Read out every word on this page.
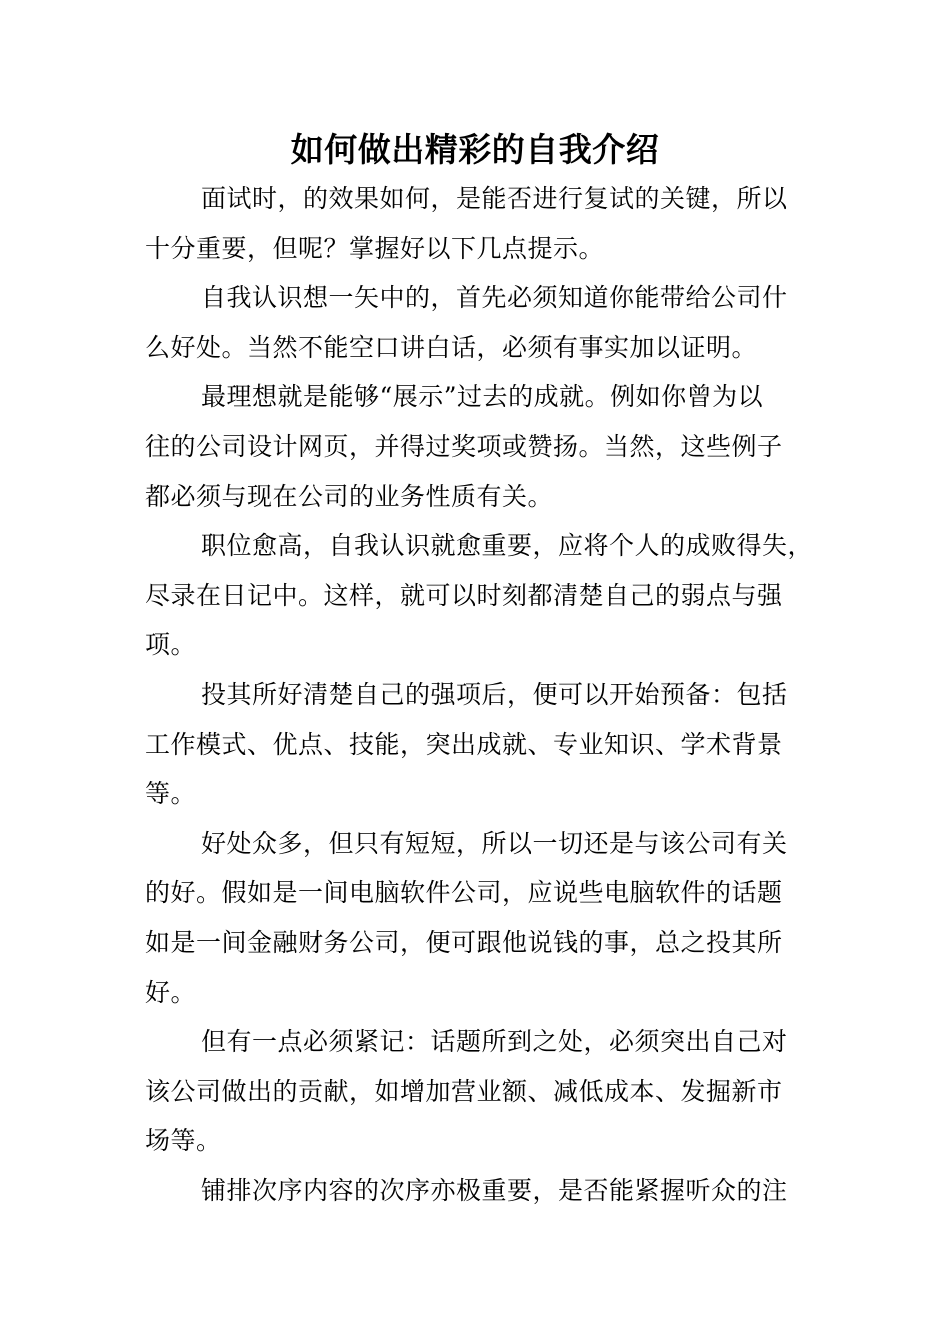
如何做出精彩的自我介绍

面试时，的效果如何，是能否进行复试的关键，所以
十分重要，但呢？掌握好以下几点提示。

自我认识想一矢中的，首先必须知道你能带给公司什
么好处。当然不能空口讲白话，必须有事实加以证明。

最理想就是能够“展示”过去的成就。例如你曾为以
往的公司设计网页，并得过奖项或赞扬。当然，这些例子
都必须与现在公司的业务性质有关。

职位愈高，自我认识就愈重要，应将个人的成败得失，
尽录在日记中。这样，就可以时刻都清楚自己的弱点与强
项。

投其所好清楚自己的强项后，便可以开始预备：包括
工作模式、优点、技能，突出成就、专业知识、学术背景
等。

好处众多，但只有短短，所以一切还是与该公司有关
的好。假如是一间电脑软件公司，应说些电脑软件的话题
如是一间金融财务公司，便可跟他说钱的事，总之投其所
好。

但有一点必须紧记：话题所到之处，必须突出自己对
该公司做出的贡献，如增加营业额、减低成本、发掘新市
场等。

铺排次序内容的次序亦极重要，是否能紧握听众的注
